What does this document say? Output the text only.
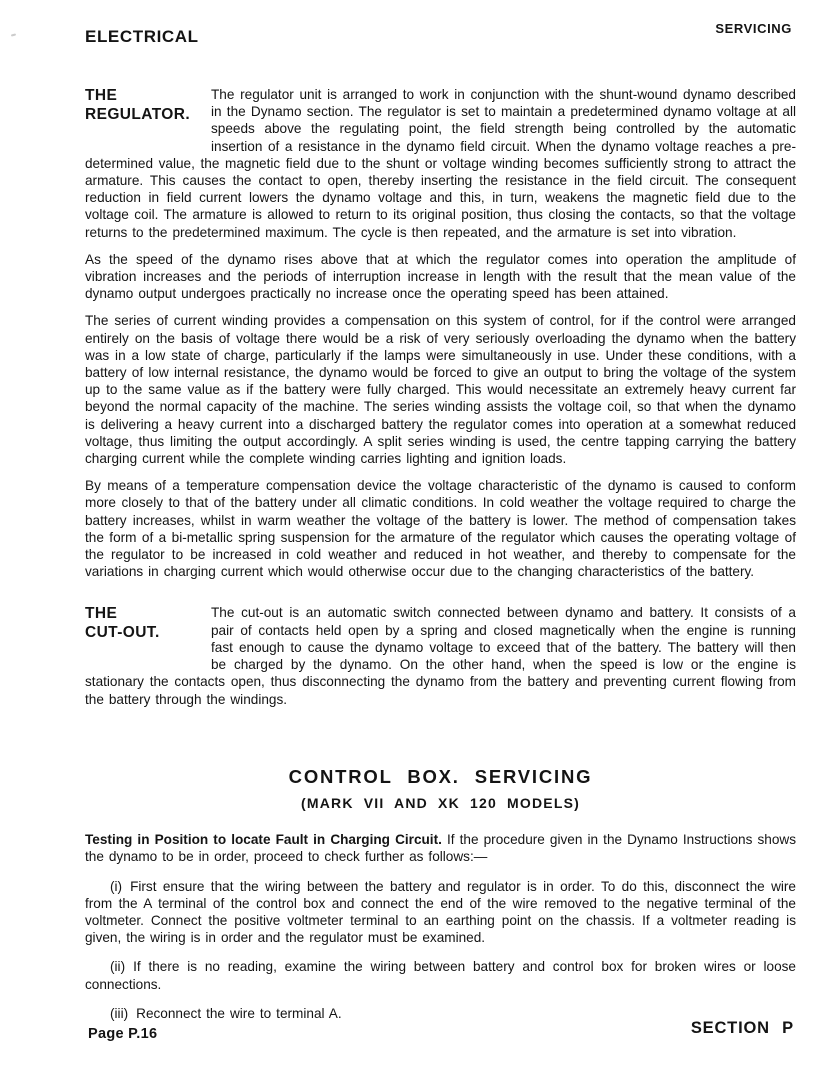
ELECTRICAL	SERVICING
THE
REGULATOR.
The regulator unit is arranged to work in conjunction with the shunt-wound dynamo described in the Dynamo section. The regulator is set to maintain a predetermined dynamo voltage at all speeds above the regulating point, the field strength being controlled by the automatic insertion of a resistance in the dynamo field circuit. When the dynamo voltage reaches a pre-determined value, the magnetic field due to the shunt or voltage winding becomes sufficiently strong to attract the armature. This causes the contact to open, thereby inserting the resistance in the field circuit. The consequent reduction in field current lowers the dynamo voltage and this, in turn, weakens the magnetic field due to the voltage coil. The armature is allowed to return to its original position, thus closing the contacts, so that the voltage returns to the predetermined maximum. The cycle is then repeated, and the armature is set into vibration.
As the speed of the dynamo rises above that at which the regulator comes into operation the amplitude of vibration increases and the periods of interruption increase in length with the result that the mean value of the dynamo output undergoes practically no increase once the operating speed has been attained.
The series of current winding provides a compensation on this system of control, for if the control were arranged entirely on the basis of voltage there would be a risk of very seriously overloading the dynamo when the battery was in a low state of charge, particularly if the lamps were simultaneously in use. Under these conditions, with a battery of low internal resistance, the dynamo would be forced to give an output to bring the voltage of the system up to the same value as if the battery were fully charged. This would necessitate an extremely heavy current far beyond the normal capacity of the machine. The series winding assists the voltage coil, so that when the dynamo is delivering a heavy current into a discharged battery the regulator comes into operation at a somewhat reduced voltage, thus limiting the output accordingly. A split series winding is used, the centre tapping carrying the battery charging current while the complete winding carries lighting and ignition loads.
By means of a temperature compensation device the voltage characteristic of the dynamo is caused to conform more closely to that of the battery under all climatic conditions. In cold weather the voltage required to charge the battery increases, whilst in warm weather the voltage of the battery is lower. The method of compensation takes the form of a bi-metallic spring suspension for the armature of the regulator which causes the operating voltage of the regulator to be increased in cold weather and reduced in hot weather, and thereby to compensate for the variations in charging current which would otherwise occur due to the changing characteristics of the battery.
THE
CUT-OUT.
The cut-out is an automatic switch connected between dynamo and battery. It consists of a pair of contacts held open by a spring and closed magnetically when the engine is running fast enough to cause the dynamo voltage to exceed that of the battery. The battery will then be charged by the dynamo. On the other hand, when the speed is low or the engine is stationary the contacts open, thus disconnecting the dynamo from the battery and preventing current flowing from the battery through the windings.
CONTROL BOX. SERVICING
(MARK VII AND XK 120 MODELS)
Testing in Position to locate Fault in Charging Circuit. If the procedure given in the Dynamo Instructions shows the dynamo to be in order, proceed to check further as follows:—
(i) First ensure that the wiring between the battery and regulator is in order. To do this, disconnect the wire from the A terminal of the control box and connect the end of the wire removed to the negative terminal of the voltmeter. Connect the positive voltmeter terminal to an earthing point on the chassis. If a voltmeter reading is given, the wiring is in order and the regulator must be examined.
(ii) If there is no reading, examine the wiring between battery and control box for broken wires or loose connections.
(iii) Reconnect the wire to terminal A.
Page P.16	SECTION P
